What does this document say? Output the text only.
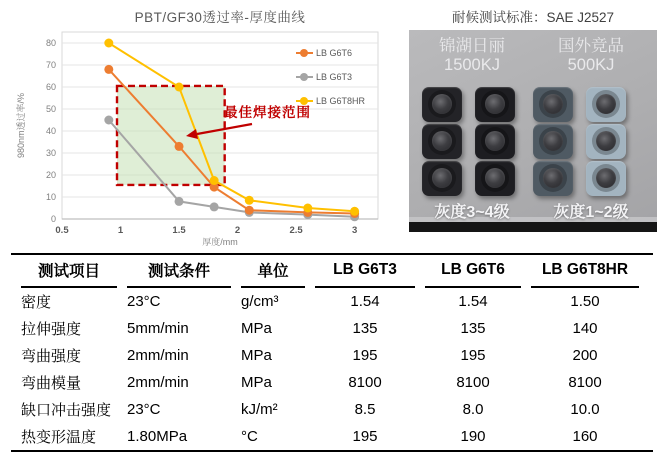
PBT/GF30透过率-厚度曲线
0
10
20
30
40
50
60
70
80
0.5	1	1.5	2	2.5	3
厚度/mm
980nm透过率/%
LB G6T6
LB G6T3
LB G6T8HR
最佳焊接范围
耐候测试标准：SAE J2527
锦湖日丽
1500KJ
国外竞品
500KJ
灰度3~4级	灰度1~2级
测试项目	测试条件	单位	LB G6T3	LB G6T6	LB G6T8HR
密度	23°C	g/cm³	1.54	1.54	1.50
拉伸强度	5mm/min	MPa	135	135	140
弯曲强度	2mm/min	MPa	195	195	200
弯曲模量	2mm/min	MPa	8100	8100	8100
缺口冲击强度	23°C	kJ/m²	8.5	8.0	10.0
热变形温度	1.80MPa	°C	195	190	160
